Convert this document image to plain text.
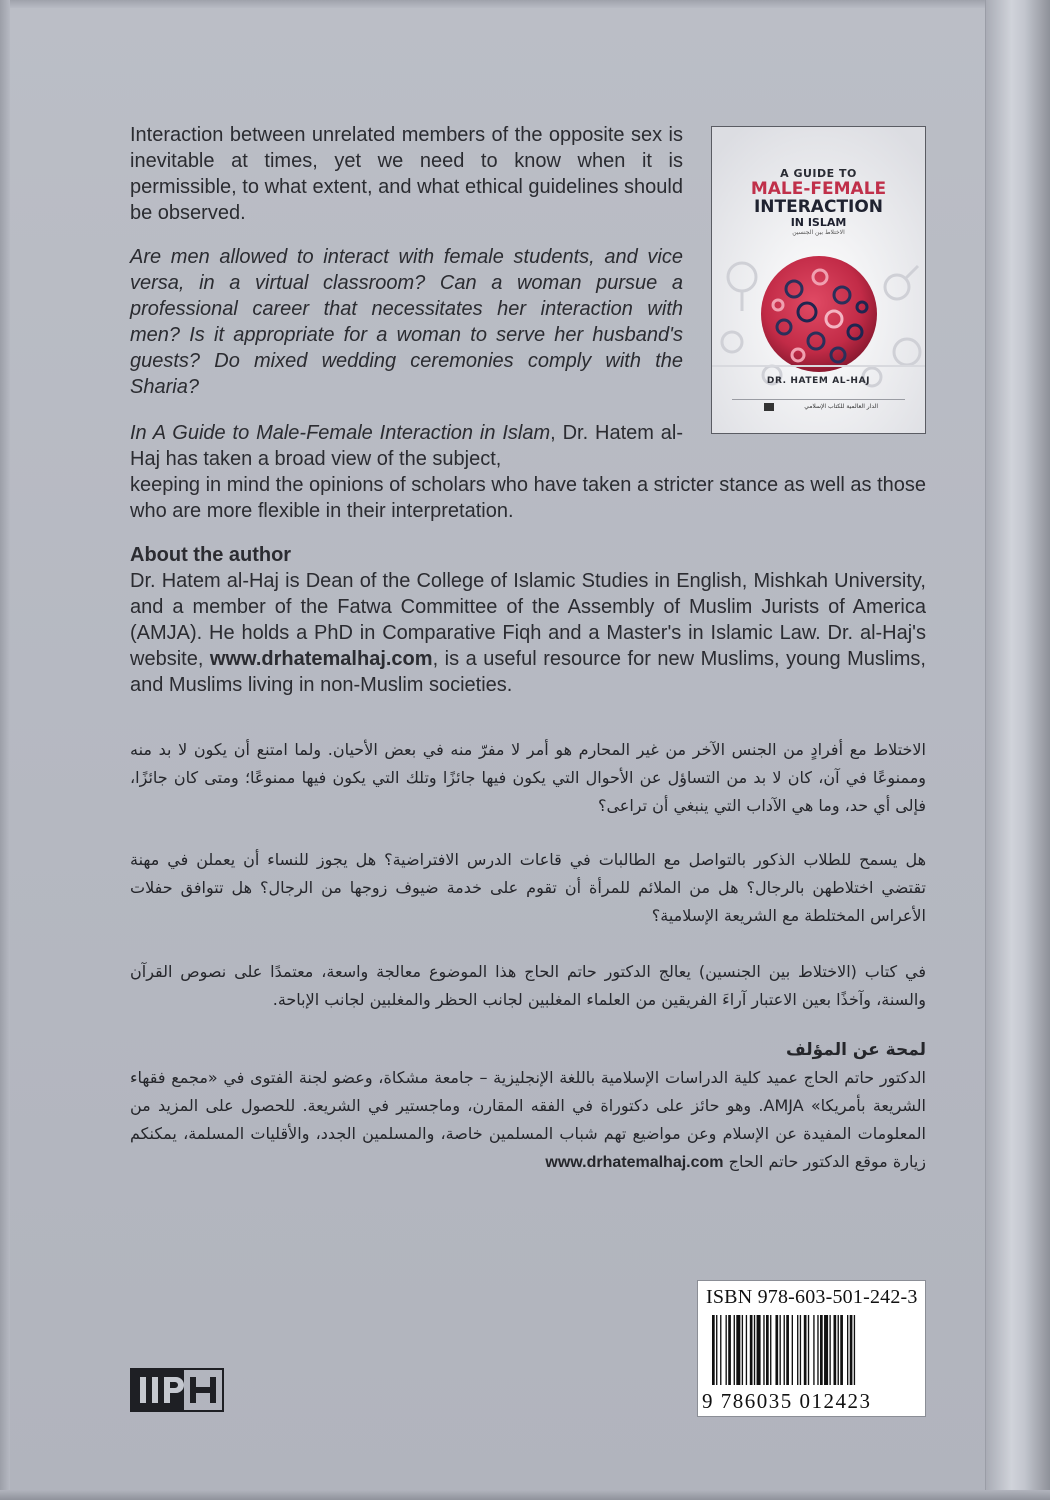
Interaction between unrelated members of the opposite sex is inevitable at times, yet we need to know when it is permissible, to what extent, and what ethical guidelines should be observed.

Are men allowed to interact with female students, and vice versa, in a virtual classroom? Can a woman pursue a professional career that necessitates her interaction with men? Is it appropriate for a woman to serve her husband's guests? Do mixed wedding ceremonies comply with the Sharia?

In A Guide to Male-Female Interaction in Islam, Dr. Hatem al-Haj has taken a broad view of the subject,
keeping in mind the opinions of scholars who have taken a stricter stance as well as those who are more flexible in their interpretation.
About the author

Dr. Hatem al-Haj is Dean of the College of Islamic Studies in English, Mishkah University, and a member of the Fatwa Committee of the Assembly of Muslim Jurists of America (AMJA). He holds a PhD in Comparative Fiqh and a Master's in Islamic Law. Dr. al-Haj's website, www.drhatemalhaj.com, is a useful resource for new Muslims, young Muslims, and Muslims living in non-Muslim societies.

A GUIDE TO
MALE-FEMALE
INTERACTION
IN ISLAM
الاختلاط بين الجنسين
DR. HATEM AL-HAJ
الدار العالمية للكتاب الإسلامي

الاختلاط مع أفرادٍ من الجنس الآخر من غير المحارم هو أمر لا مفرّ منه في بعض الأحيان. ولما امتنع أن يكون لا بد منه وممنوعًا في آن، كان لا بد من التساؤل عن الأحوال التي يكون فيها جائزًا وتلك التي يكون فيها ممنوعًا؛ ومتى كان جائزًا، فإلى أي حد، وما هي الآداب التي ينبغي أن تراعى؟

هل يسمح للطلاب الذكور بالتواصل مع الطالبات في قاعات الدرس الافتراضية؟ هل يجوز للنساء أن يعملن في مهنة تقتضي اختلاطهن بالرجال؟ هل من الملائم للمرأة أن تقوم على خدمة ضيوف زوجها من الرجال؟ هل تتوافق حفلات الأعراس المختلطة مع الشريعة الإسلامية؟

في كتاب (الاختلاط بين الجنسين) يعالج الدكتور حاتم الحاج هذا الموضوع معالجة واسعة، معتمدًا على نصوص القرآن والسنة، وآخذًا بعين الاعتبار آراءَ الفريقين من العلماء المغلبين لجانب الحظر والمغلبين لجانب الإباحة.

لمحة عن المؤلف

الدكتور حاتم الحاج عميد كلية الدراسات الإسلامية باللغة الإنجليزية – جامعة مشكاة، وعضو لجنة الفتوى في «مجمع فقهاء الشريعة بأمريكا» AMJA. وهو حائز على دكتوراة في الفقه المقارن، وماجستير في الشريعة. للحصول على المزيد من المعلومات المفيدة عن الإسلام وعن مواضيع تهم شباب المسلمين خاصة، والمسلمين الجدد، والأقليات المسلمة، يمكنكم زيارة موقع الدكتور حاتم الحاج www.drhatemalhaj.com

ISBN 978-603-501-242-3
9 786035 012423
